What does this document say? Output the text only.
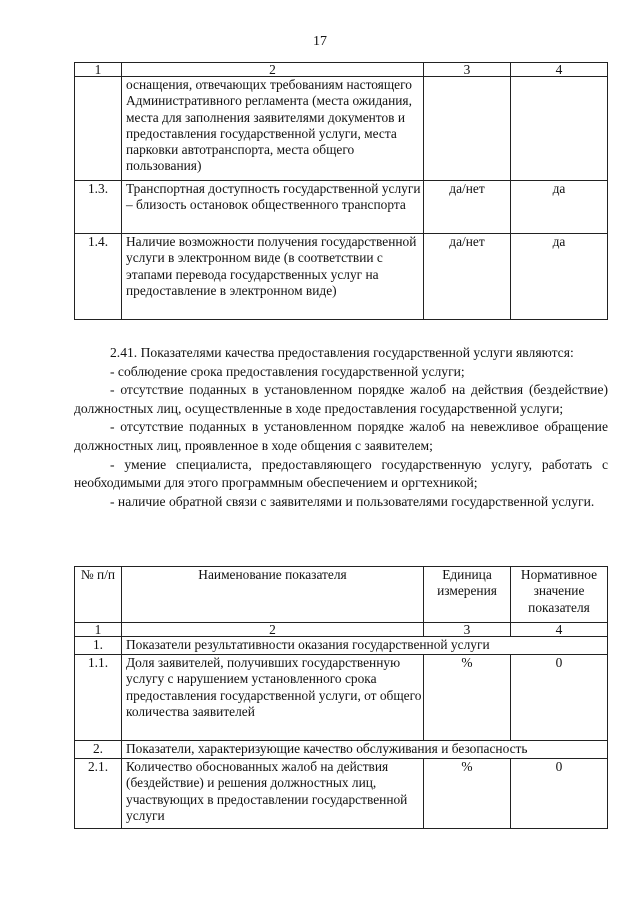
17
1	2	3	4
	оснащения, отвечающих требованиям настоящего Административного регламента (места ожидания, места для заполнения заявителями документов и предоставления государственной услуги, места парковки автотранспорта, места общего пользования)		
1.3.	Транспортная доступность государственной услуги – близость остановок общественного транспорта	да/нет	да
1.4.	Наличие возможности получения государственной услуги в электронном виде (в соответствии с этапами перевода государственных услуг на предоставление в электронном виде)	да/нет	да

2.41. Показателями качества предоставления государственной услуги являются:

- соблюдение срока предоставления государственной услуги;

- отсутствие поданных в установленном порядке жалоб на действия (бездействие) должностных лиц, осуществленные в ходе предоставления государственной услуги;

- отсутствие поданных в установленном порядке жалоб на невежливое обращение должностных лиц, проявленное в ходе общения с заявителем;

- умение специалиста, предоставляющего государственную услугу, работать с необходимыми для этого программным обеспечением и оргтехникой;

- наличие обратной связи с заявителями и пользователями государственной услуги.

№ п/п	Наименование показателя	Единица измерения	Нормативное значение показателя
1	2	3	4
1.	Показатели результативности оказания государственной услуги		
1.1.	Доля заявителей, получивших государственную услугу с нарушением установленного срока предоставления государственной услуги, от общего количества заявителей	%	0
2.	Показатели, характеризующие качество обслуживания и безопасность		
2.1.	Количество обоснованных жалоб на действия (бездействие) и решения должностных лиц, участвующих в предоставлении государственной услуги	%	0
